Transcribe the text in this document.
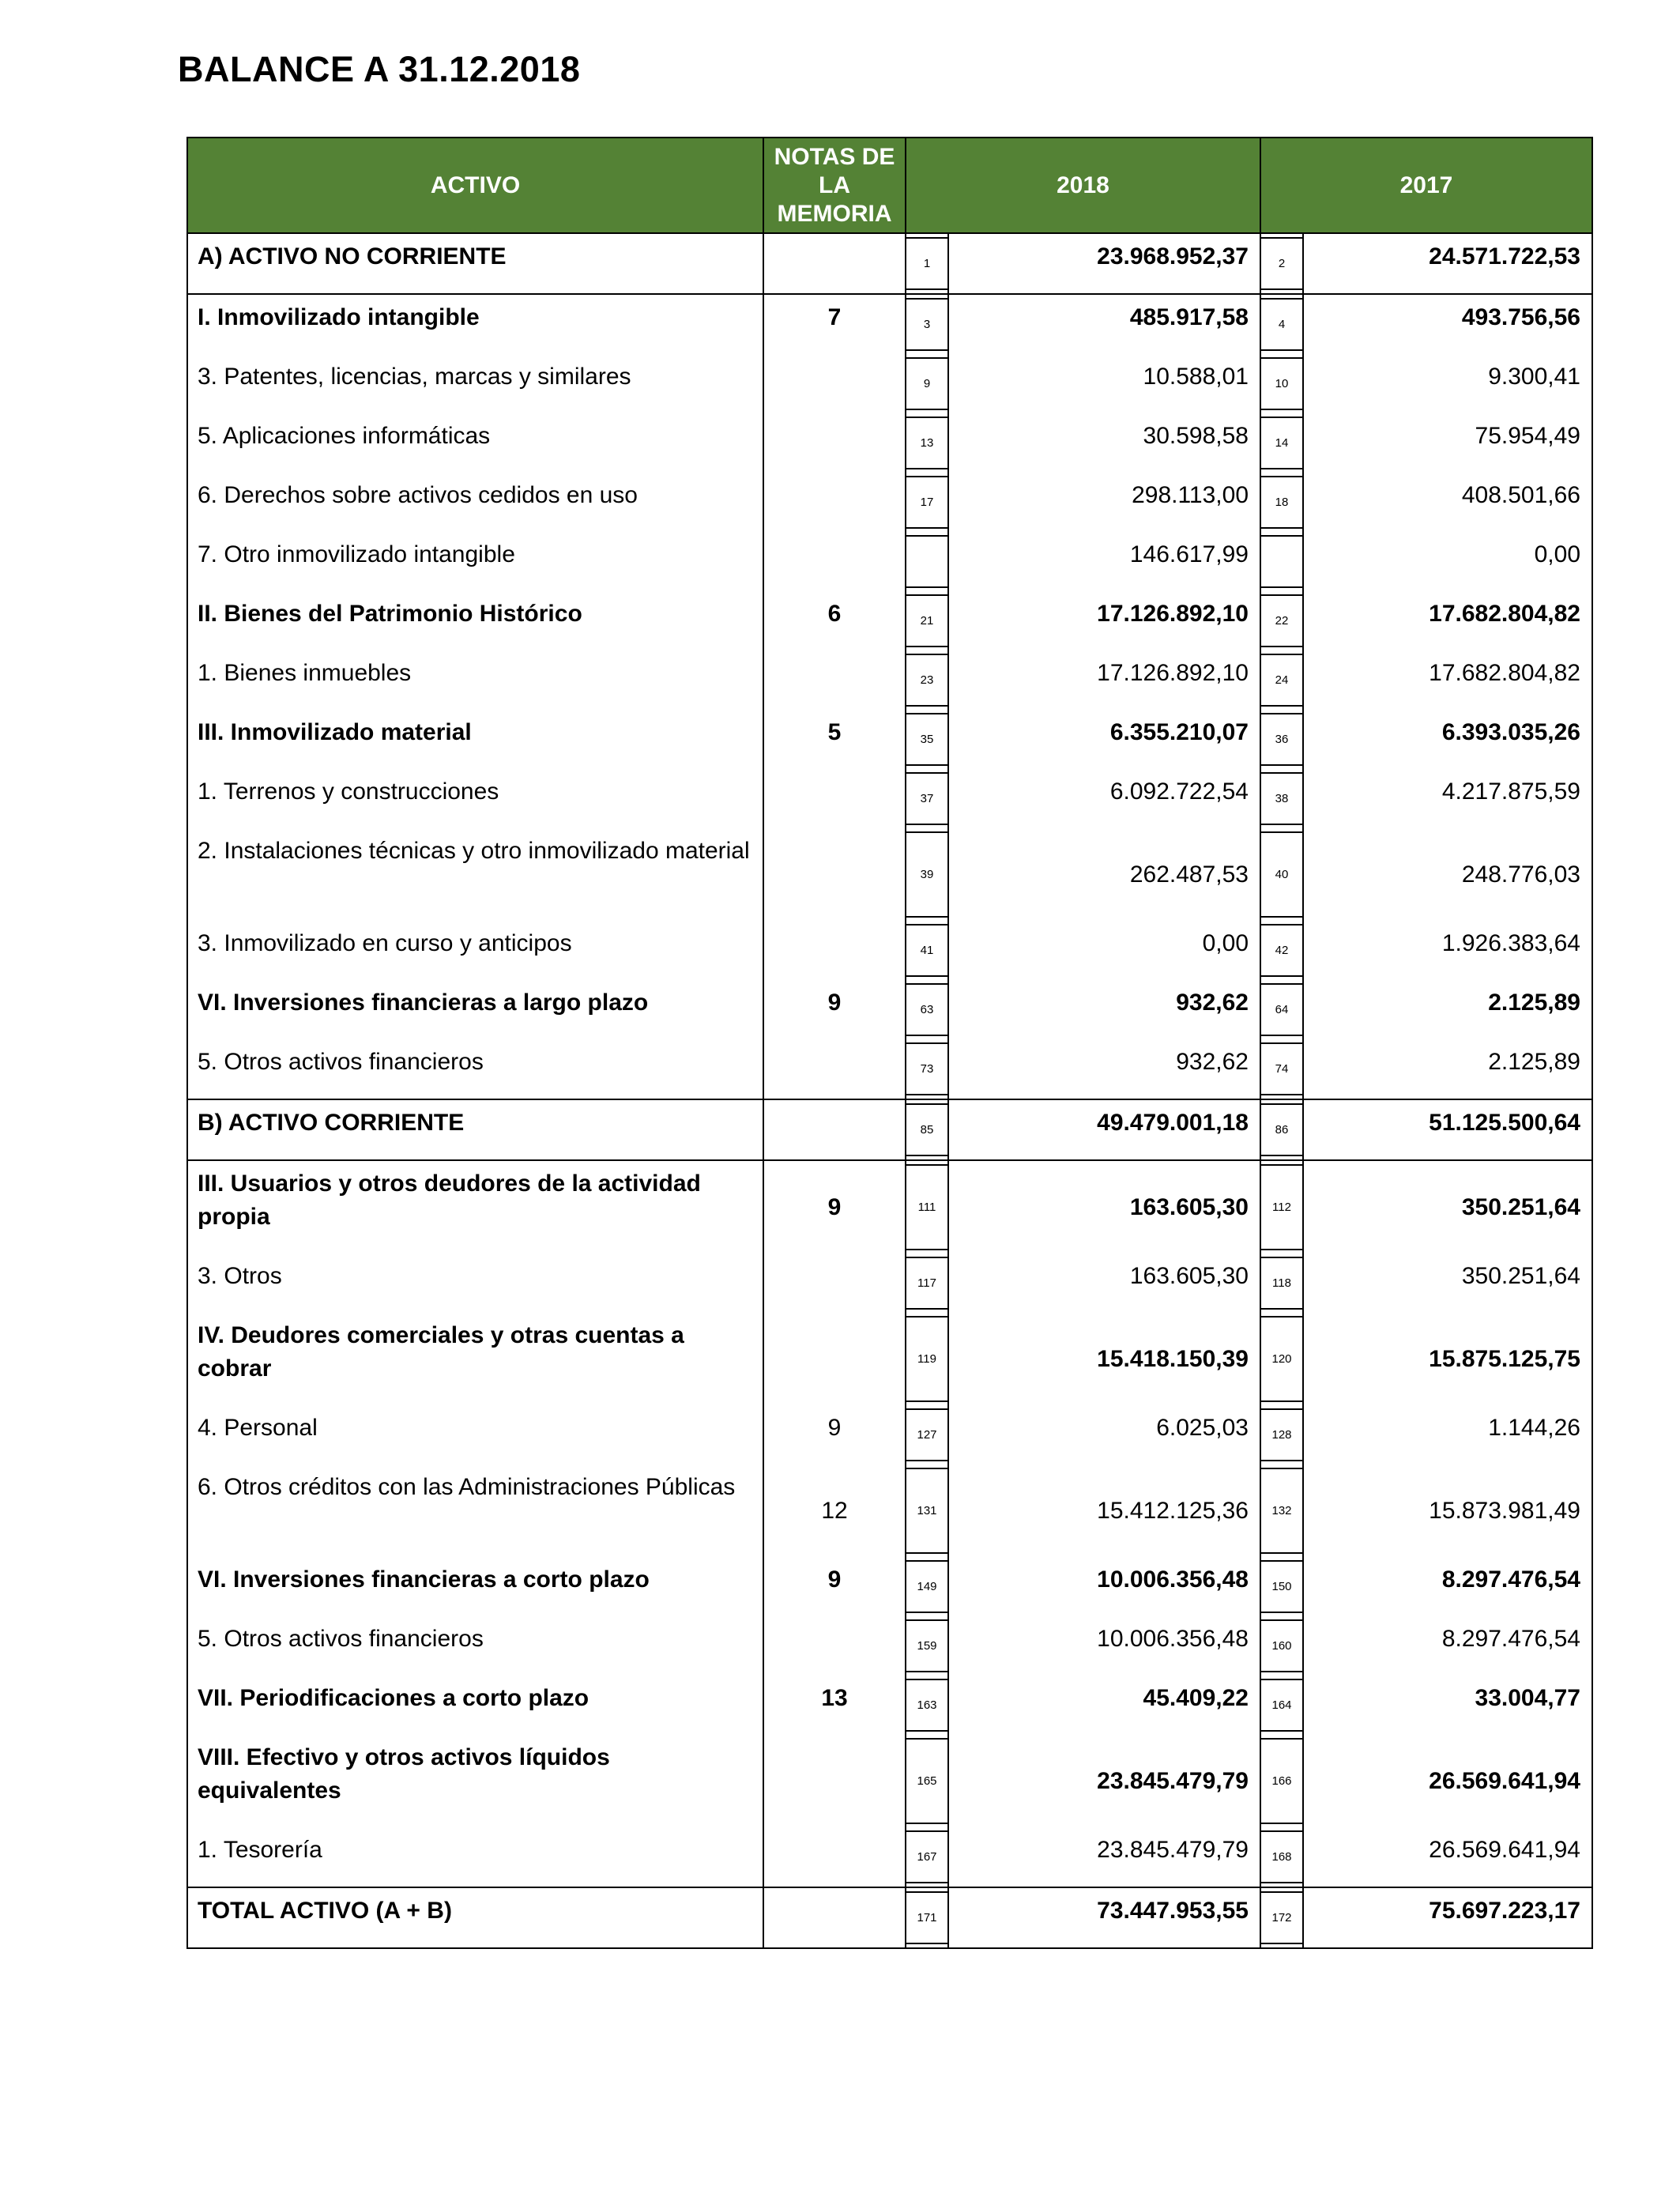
BALANCE A 31.12.2018
ACTIVO	NOTAS DE LA MEMORIA	2018		2017	
A) ACTIVO NO CORRIENTE		1	23.968.952,37	2	24.571.722,53
I. Inmovilizado intangible	7	3	485.917,58	4	493.756,56
3. Patentes, licencias, marcas y similares		9	10.588,01	10	9.300,41
5. Aplicaciones informáticas		13	30.598,58	14	75.954,49
6. Derechos sobre activos cedidos en uso		17	298.113,00	18	408.501,66
7. Otro inmovilizado intangible			146.617,99		0,00
II. Bienes del Patrimonio Histórico	6	21	17.126.892,10	22	17.682.804,82
1. Bienes inmuebles		23	17.126.892,10	24	17.682.804,82
III. Inmovilizado material	5	35	6.355.210,07	36	6.393.035,26
1. Terrenos y construcciones		37	6.092.722,54	38	4.217.875,59
2. Instalaciones técnicas y otro inmovilizado material		39	262.487,53	40	248.776,03
3. Inmovilizado en curso y anticipos		41	0,00	42	1.926.383,64
VI. Inversiones financieras a largo plazo	9	63	932,62	64	2.125,89
5. Otros activos financieros		73	932,62	74	2.125,89
B) ACTIVO CORRIENTE		85	49.479.001,18	86	51.125.500,64
III. Usuarios y otros deudores de la actividad propia	9	111	163.605,30	112	350.251,64
3. Otros		117	163.605,30	118	350.251,64
IV. Deudores comerciales y otras cuentas a cobrar		119	15.418.150,39	120	15.875.125,75
4. Personal	9	127	6.025,03	128	1.144,26
6. Otros créditos con las Administraciones Públicas	12	131	15.412.125,36	132	15.873.981,49
VI. Inversiones financieras a corto plazo	9	149	10.006.356,48	150	8.297.476,54
5. Otros activos financieros		159	10.006.356,48	160	8.297.476,54
VII. Periodificaciones a corto plazo	13	163	45.409,22	164	33.004,77
VIII. Efectivo y otros activos líquidos equivalentes		165	23.845.479,79	166	26.569.641,94
1. Tesorería		167	23.845.479,79	168	26.569.641,94
TOTAL ACTIVO (A + B)		171	73.447.953,55	172	75.697.223,17
